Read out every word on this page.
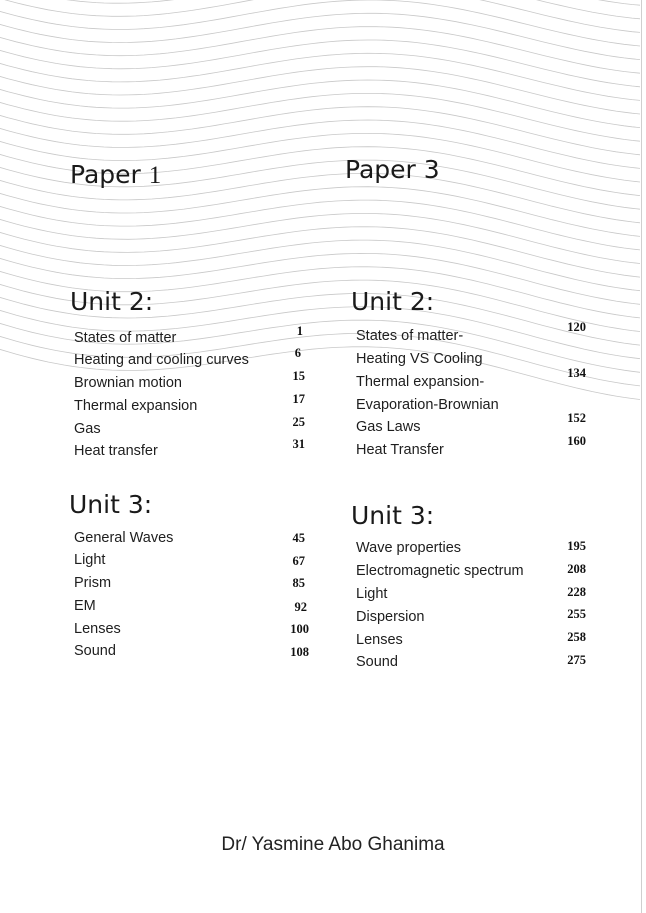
Paper 1
Unit 2:
States of matter
Heating and cooling curves
Brownian motion
Thermal expansion
Gas
Heat transfer
1
6
15
17
25
31
Unit 3:
General Waves
Light
Prism
EM
Lenses
Sound
45
67
85
92
100
108
Paper 3
Unit 2:
States of matter-
Heating VS Cooling
Thermal expansion-
Evaporation-Brownian
Gas Laws
Heat Transfer
120
134
152
160
Unit 3:
Wave properties
Electromagnetic spectrum
Light
Dispersion
Lenses
Sound
195
208
228
255
258
275
Dr/ Yasmine Abo Ghanima
